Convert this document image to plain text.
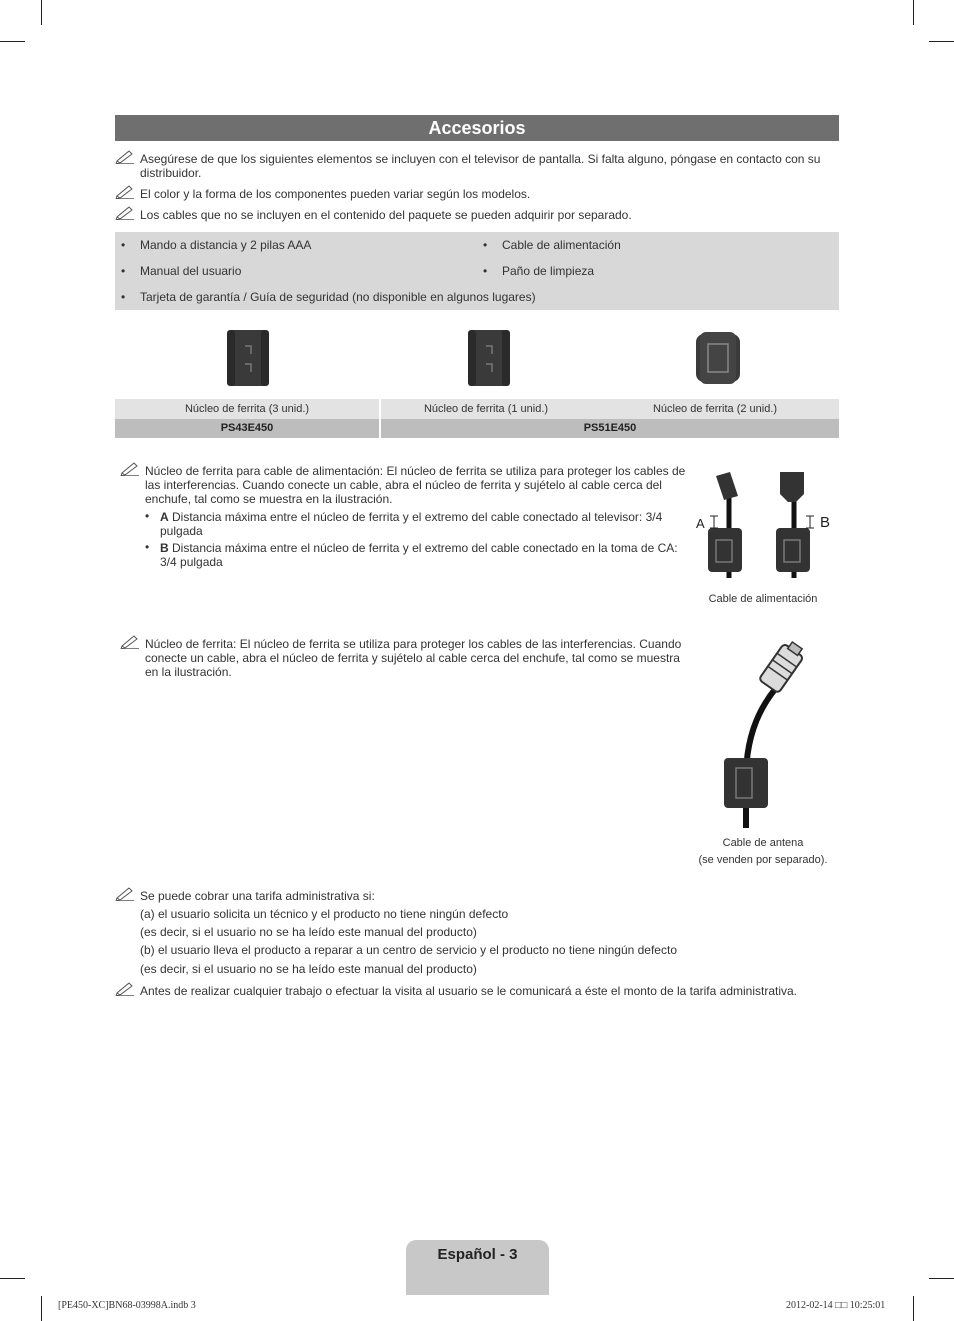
Accesorios
Asegúrese de que los siguientes elementos se incluyen con el televisor de pantalla. Si falta alguno, póngase en contacto con su distribuidor.
El color y la forma de los componentes pueden variar según los modelos.
Los cables que no se incluyen en el contenido del paquete se pueden adquirir por separado.
• Mando a distancia y 2 pilas AAA	• Cable de alimentación
• Manual del usuario	• Paño de limpieza
• Tarjeta de garantía / Guía de seguridad (no disponible en algunos lugares)
Núcleo de ferrita (3 unid.)	Núcleo de ferrita (1 unid.)	Núcleo de ferrita (2 unid.)
PS43E450	PS51E450
Núcleo de ferrita para cable de alimentación: El núcleo de ferrita se utiliza para proteger los cables de las interferencias. Cuando conecte un cable, abra el núcleo de ferrita y sujételo al cable cerca del enchufe, tal como se muestra en la ilustración.
• A Distancia máxima entre el núcleo de ferrita y el extremo del cable conectado al televisor: 3/4 pulgada
• B Distancia máxima entre el núcleo de ferrita y el extremo del cable conectado en la toma de CA: 3/4 pulgada
A	B
Cable de alimentación
Núcleo de ferrita: El núcleo de ferrita se utiliza para proteger los cables de las interferencias. Cuando conecte un cable, abra el núcleo de ferrita y sujételo al cable cerca del enchufe, tal como se muestra en la ilustración.
Cable de antena
(se venden por separado).
Se puede cobrar una tarifa administrativa si:
(a) el usuario solicita un técnico y el producto no tiene ningún defecto
(es decir, si el usuario no se ha leído este manual del producto)
(b) el usuario lleva el producto a reparar a un centro de servicio y el producto no tiene ningún defecto
(es decir, si el usuario no se ha leído este manual del producto)
Antes de realizar cualquier trabajo o efectuar la visita al usuario se le comunicará a éste el monto de la tarifa administrativa.
Español - 3
[PE450-XC]BN68-03998A.indb 3	2012-02-14 □□ 10:25:01
